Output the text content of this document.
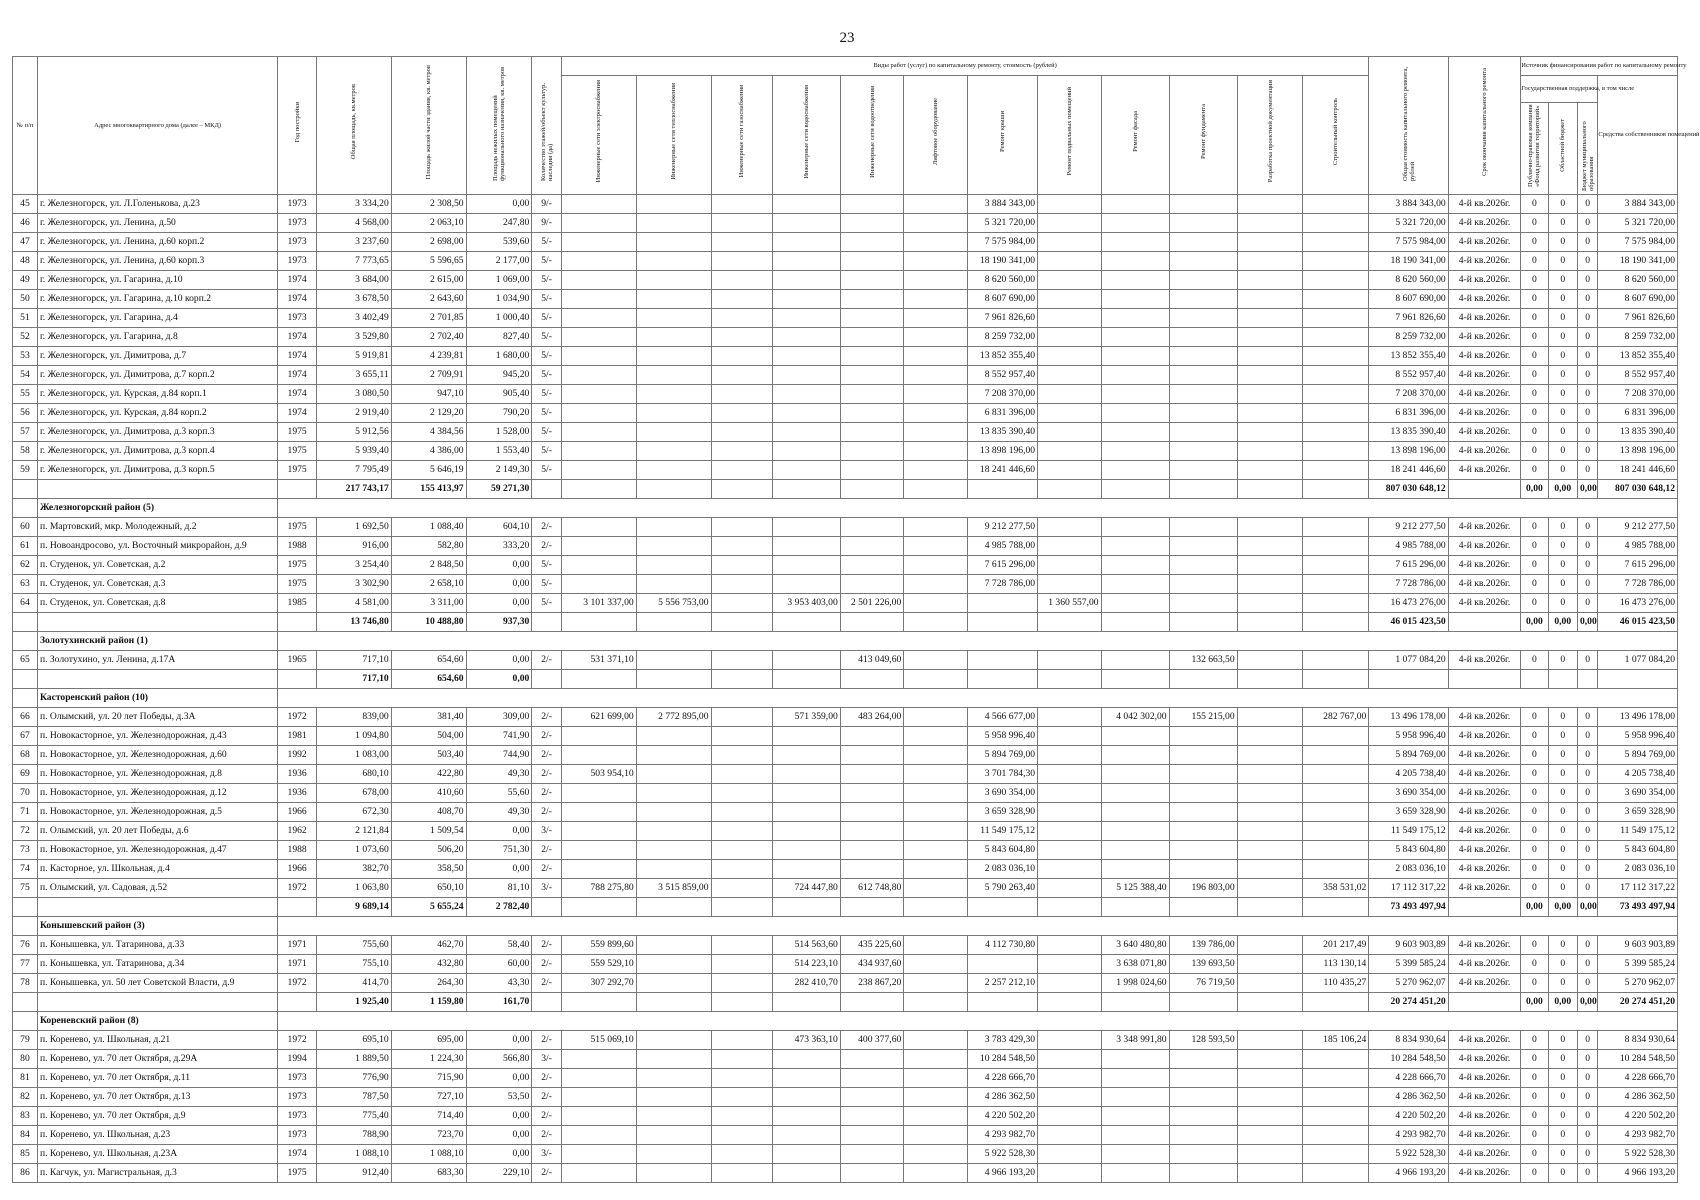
23
№ п/п	Адрес многоквартирного дома (далее – МКД)	Год постройки	Общая площадь, кв.метров	Площадь жилой части здания, кв. метров	Площадь нежилых помещений функционального назначения, кв. метров	Количество этажей/объект культур. наследия (да)	Виды работ (услуг) по капитальному ремонту, стоимость (рублей)												Общая стоимость капитального ремонта, рублей	Срок окончания капитального ремонта	Источник финансирования работ по капитальному ремонту			
							Инженерные сети электроснабжения	Инженерные сети теплоснабжения	Инженерные сети газоснабжения	Инженерные сети водоснабжения	Инженерные сети водоотведения	Лифтовое оборудование	Ремонт крыши	Ремонт подвальных помещений	Ремонт фасада	Ремонт фундамента	Разработка проектной документации	Строительный контроль			Государственная поддержка, в том числе			Средства собственников помещений
																					Публично-правовая компания «Фонд развития территорий»	Областной бюджет	Бюджет муниципального образования	
45	г. Железногорск, ул. Л.Голенькова, д.23	1973	3 334,20	2 308,50	0,00	9/-							3 884 343,00						3 884 343,00	4-й кв.2026г.	0	0	0	3 884 343,00
46	г. Железногорск, ул. Ленина, д.50	1973	4 568,00	2 063,10	247,80	9/-							5 321 720,00						5 321 720,00	4-й кв.2026г.	0	0	0	5 321 720,00
47	г. Железногорск, ул. Ленина, д.60 корп.2	1973	3 237,60	2 698,00	539,60	5/-							7 575 984,00						7 575 984,00	4-й кв.2026г.	0	0	0	7 575 984,00
48	г. Железногорск, ул. Ленина, д.60 корп.3	1973	7 773,65	5 596,65	2 177,00	5/-							18 190 341,00						18 190 341,00	4-й кв.2026г.	0	0	0	18 190 341,00
49	г. Железногорск, ул. Гагарина, д.10	1974	3 684,00	2 615,00	1 069,00	5/-							8 620 560,00						8 620 560,00	4-й кв.2026г.	0	0	0	8 620 560,00
50	г. Железногорск, ул. Гагарина, д.10 корп.2	1974	3 678,50	2 643,60	1 034,90	5/-							8 607 690,00						8 607 690,00	4-й кв.2026г.	0	0	0	8 607 690,00
51	г. Железногорск, ул. Гагарина, д.4	1973	3 402,49	2 701,85	1 000,40	5/-							7 961 826,60						7 961 826,60	4-й кв.2026г.	0	0	0	7 961 826,60
52	г. Железногорск, ул. Гагарина, д.8	1974	3 529,80	2 702,40	827,40	5/-							8 259 732,00						8 259 732,00	4-й кв.2026г.	0	0	0	8 259 732,00
53	г. Железногорск, ул. Димитрова, д.7	1974	5 919,81	4 239,81	1 680,00	5/-							13 852 355,40						13 852 355,40	4-й кв.2026г.	0	0	0	13 852 355,40
54	г. Железногорск, ул. Димитрова, д.7 корп.2	1974	3 655,11	2 709,91	945,20	5/-							8 552 957,40						8 552 957,40	4-й кв.2026г.	0	0	0	8 552 957,40
55	г. Железногорск, ул. Курская, д.84 корп.1	1974	3 080,50	947,10	905,40	5/-							7 208 370,00						7 208 370,00	4-й кв.2026г.	0	0	0	7 208 370,00
56	г. Железногорск, ул. Курская, д.84 корп.2	1974	2 919,40	2 129,20	790,20	5/-							6 831 396,00						6 831 396,00	4-й кв.2026г.	0	0	0	6 831 396,00
57	г. Железногорск, ул. Димитрова, д.3 корп.3	1975	5 912,56	4 384,56	1 528,00	5/-							13 835 390,40						13 835 390,40	4-й кв.2026г.	0	0	0	13 835 390,40
58	г. Железногорск, ул. Димитрова, д.3 корп.4	1975	5 939,40	4 386,00	1 553,40	5/-							13 898 196,00						13 898 196,00	4-й кв.2026г.	0	0	0	13 898 196,00
59	г. Железногорск, ул. Димитрова, д.3 корп.5	1975	7 795,49	5 646,19	2 149,30	5/-							18 241 446,60						18 241 446,60	4-й кв.2026г.	0	0	0	18 241 446,60
			217 743,17	155 413,97	59 271,30														807 030 648,12		0,00	0,00	0,00	807 030 648,12
	Железногорский район (5)																							
60	п. Мартовский, мкр. Молодежный, д.2	1975	1 692,50	1 088,40	604,10	2/-							9 212 277,50						9 212 277,50	4-й кв.2026г.	0	0	0	9 212 277,50
61	п. Новоандросово, ул. Восточный микрорайон, д.9	1988	916,00	582,80	333,20	2/-							4 985 788,00						4 985 788,00	4-й кв.2026г.	0	0	0	4 985 788,00
62	п. Студенок, ул. Советская, д.2	1975	3 254,40	2 848,50	0,00	5/-							7 615 296,00						7 615 296,00	4-й кв.2026г.	0	0	0	7 615 296,00
63	п. Студенок, ул. Советская, д.3	1975	3 302,90	2 658,10	0,00	5/-							7 728 786,00						7 728 786,00	4-й кв.2026г.	0	0	0	7 728 786,00
64	п. Студенок, ул. Советская, д.8	1985	4 581,00	3 311,00	0,00	5/-	3 101 337,00	5 556 753,00		3 953 403,00	2 501 226,00			1 360 557,00					16 473 276,00	4-й кв.2026г.	0	0	0	16 473 276,00
			13 746,80	10 488,80	937,30														46 015 423,50		0,00	0,00	0,00	46 015 423,50
	Золотухинский район (1)																							
65	п. Золотухино, ул. Ленина, д.17А	1965	717,10	654,60	0,00	2/-	531 371,10				413 049,60					132 663,50			1 077 084,20	4-й кв.2026г.	0	0	0	1 077 084,20
			717,10	654,60	0,00																			
	Касторенский район (10)																							
66	п. Олымский, ул. 20 лет Победы, д.3А	1972	839,00	381,40	309,00	2/-	621 699,00	2 772 895,00		571 359,00	483 264,00		4 566 677,00		4 042 302,00	155 215,00		282 767,00	13 496 178,00	4-й кв.2026г.	0	0	0	13 496 178,00
67	п. Новокасторное, ул. Железнодорожная, д.43	1981	1 094,80	504,00	741,90	2/-							5 958 996,40						5 958 996,40	4-й кв.2026г.	0	0	0	5 958 996,40
68	п. Новокасторное, ул. Железнодорожная, д.60	1992	1 083,00	503,40	744,90	2/-							5 894 769,00						5 894 769,00	4-й кв.2026г.	0	0	0	5 894 769,00
69	п. Новокасторное, ул. Железнодорожная, д.8	1936	680,10	422,80	49,30	2/-	503 954,10						3 701 784,30						4 205 738,40	4-й кв.2026г.	0	0	0	4 205 738,40
70	п. Новокасторное, ул. Железнодорожная, д.12	1936	678,00	410,60	55,60	2/-							3 690 354,00						3 690 354,00	4-й кв.2026г.	0	0	0	3 690 354,00
71	п. Новокасторное, ул. Железнодорожная, д.5	1966	672,30	408,70	49,30	2/-							3 659 328,90						3 659 328,90	4-й кв.2026г.	0	0	0	3 659 328,90
72	п. Олымский, ул. 20 лет Победы, д.6	1962	2 121,84	1 509,54	0,00	3/-							11 549 175,12						11 549 175,12	4-й кв.2026г.	0	0	0	11 549 175,12
73	п. Новокасторное, ул. Железнодорожная, д.47	1988	1 073,60	506,20	751,30	2/-							5 843 604,80						5 843 604,80	4-й кв.2026г.	0	0	0	5 843 604,80
74	п. Касторное, ул. Школьная, д.4	1966	382,70	358,50	0,00	2/-							2 083 036,10						2 083 036,10	4-й кв.2026г.	0	0	0	2 083 036,10
75	п. Олымский, ул. Садовая, д.52	1972	1 063,80	650,10	81,10	3/-	788 275,80	3 515 859,00		724 447,80	612 748,80		5 790 263,40		5 125 388,40	196 803,00		358 531,02	17 112 317,22	4-й кв.2026г.	0	0	0	17 112 317,22
			9 689,14	5 655,24	2 782,40														73 493 497,94		0,00	0,00	0,00	73 493 497,94
	Конышевский район (3)																							
76	п. Конышевка, ул. Татаринова, д.33	1971	755,60	462,70	58,40	2/-	559 899,60			514 563,60	435 225,60		4 112 730,80		3 640 480,80	139 786,00		201 217,49	9 603 903,89	4-й кв.2026г.	0	0	0	9 603 903,89
77	п. Конышевка, ул. Татаринова, д.34	1971	755,10	432,80	60,00	2/-	559 529,10			514 223,10	434 937,60				3 638 071,80	139 693,50		113 130,14	5 399 585,24	4-й кв.2026г.	0	0	0	5 399 585,24
78	п. Конышевка, ул. 50 лет Советской Власти, д.9	1972	414,70	264,30	43,30	2/-	307 292,70			282 410,70	238 867,20		2 257 212,10		1 998 024,60	76 719,50		110 435,27	5 270 962,07	4-й кв.2026г.	0	0	0	5 270 962,07
			1 925,40	1 159,80	161,70														20 274 451,20		0,00	0,00	0,00	20 274 451,20
	Кореневский район (8)																							
79	п. Коренево, ул. Школьная, д.21	1972	695,10	695,00	0,00	2/-	515 069,10			473 363,10	400 377,60		3 783 429,30		3 348 991,80	128 593,50		185 106,24	8 834 930,64	4-й кв.2026г.	0	0	0	8 834 930,64
80	п. Коренево, ул. 70 лет Октября, д.29А	1994	1 889,50	1 224,30	566,80	3/-							10 284 548,50						10 284 548,50	4-й кв.2026г.	0	0	0	10 284 548,50
81	п. Коренево, ул. 70 лет Октября, д.11	1973	776,90	715,90	0,00	2/-							4 228 666,70						4 228 666,70	4-й кв.2026г.	0	0	0	4 228 666,70
82	п. Коренево, ул. 70 лет Октября, д.13	1973	787,50	727,10	53,50	2/-							4 286 362,50						4 286 362,50	4-й кв.2026г.	0	0	0	4 286 362,50
83	п. Коренево, ул. 70 лет Октября, д.9	1973	775,40	714,40	0,00	2/-							4 220 502,20						4 220 502,20	4-й кв.2026г.	0	0	0	4 220 502,20
84	п. Коренево, ул. Школьная, д.23	1973	788,90	723,70	0,00	2/-							4 293 982,70						4 293 982,70	4-й кв.2026г.	0	0	0	4 293 982,70
85	п. Коренево, ул. Школьная, д.23А	1974	1 088,10	1 088,10	0,00	3/-							5 922 528,30						5 922 528,30	4-й кв.2026г.	0	0	0	5 922 528,30
86	п. Кагчук, ул. Магистральная, д.3	1975	912,40	683,30	229,10	2/-							4 966 193,20						4 966 193,20	4-й кв.2026г.	0	0	0	4 966 193,20
